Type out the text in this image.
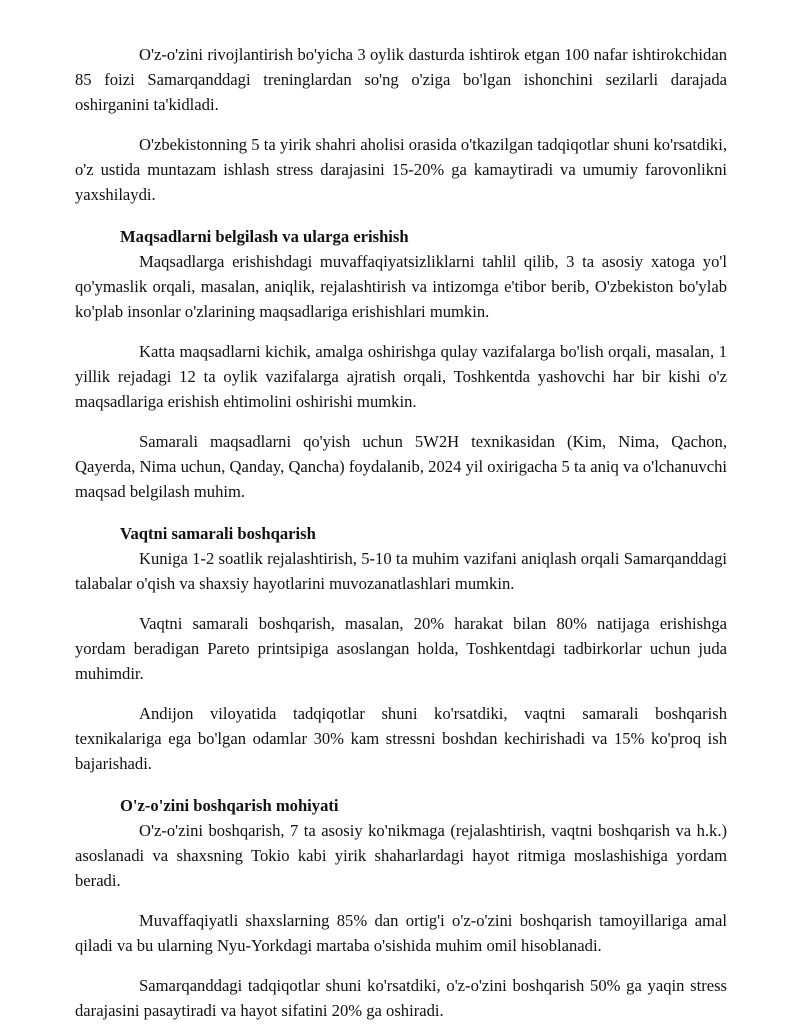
O'z-o'zini rivojlantirish bo'yicha 3 oylik dasturda ishtirok etgan 100 nafar ishtirokchidan 85 foizi Samarqanddagi treninglardan so'ng o'ziga bo'lgan ishonchini sezilarli darajada oshirganini ta'kidladi.

O'zbekistonning 5 ta yirik shahri aholisi orasida o'tkazilgan tadqiqotlar shuni ko'rsatdiki, o'z ustida muntazam ishlash stress darajasini 15-20% ga kamaytiradi va umumiy farovonlikni yaxshilaydi.

Maqsadlarni belgilash va ularga erishish

Maqsadlarga erishishdagi muvaffaqiyatsizliklarni tahlil qilib, 3 ta asosiy xatoga yo'l qo'ymaslik orqali, masalan, aniqlik, rejalashtirish va intizomga e'tibor berib, O'zbekiston bo'ylab ko'plab insonlar o'zlarining maqsadlariga erishishlari mumkin.

Katta maqsadlarni kichik, amalga oshirishga qulay vazifalarga bo'lish orqali, masalan, 1 yillik rejadagi 12 ta oylik vazifalarga ajratish orqali, Toshkentda yashovchi har bir kishi o'z maqsadlariga erishish ehtimolini oshirishi mumkin.

Samarali maqsadlarni qo'yish uchun 5W2H texnikasidan (Kim, Nima, Qachon, Qayerda, Nima uchun, Qanday, Qancha) foydalanib, 2024 yil oxirigacha 5 ta aniq va o'lchanuvchi maqsad belgilash muhim.

Vaqtni samarali boshqarish

Kuniga 1-2 soatlik rejalashtirish, 5-10 ta muhim vazifani aniqlash orqali Samarqanddagi talabalar o'qish va shaxsiy hayotlarini muvozanatlashlari mumkin.

Vaqtni samarali boshqarish, masalan, 20% harakat bilan 80% natijaga erishishga yordam beradigan Pareto printsipiga asoslangan holda, Toshkentdagi tadbirkorlar uchun juda muhimdir.

Andijon viloyatida tadqiqotlar shuni ko'rsatdiki, vaqtni samarali boshqarish texnikalariga ega bo'lgan odamlar 30% kam stressni boshdan kechirishadi va 15% ko'proq ish bajarishadi.

O'z-o'zini boshqarish mohiyati

O'z-o'zini boshqarish, 7 ta asosiy ko'nikmaga (rejalashtirish, vaqtni boshqarish va h.k.) asoslanadi va shaxsning Tokio kabi yirik shaharlardagi hayot ritmiga moslashishiga yordam beradi.

Muvaffaqiyatli shaxslarning 85% dan ortig'i o'z-o'zini boshqarish tamoyillariga amal qiladi va bu ularning Nyu-Yorkdagi martaba o'sishida muhim omil hisoblanadi.

Samarqanddagi tadqiqotlar shuni ko'rsatdiki, o'z-o'zini boshqarish 50% ga yaqin stress darajasini pasaytiradi va hayot sifatini 20% ga oshiradi.
